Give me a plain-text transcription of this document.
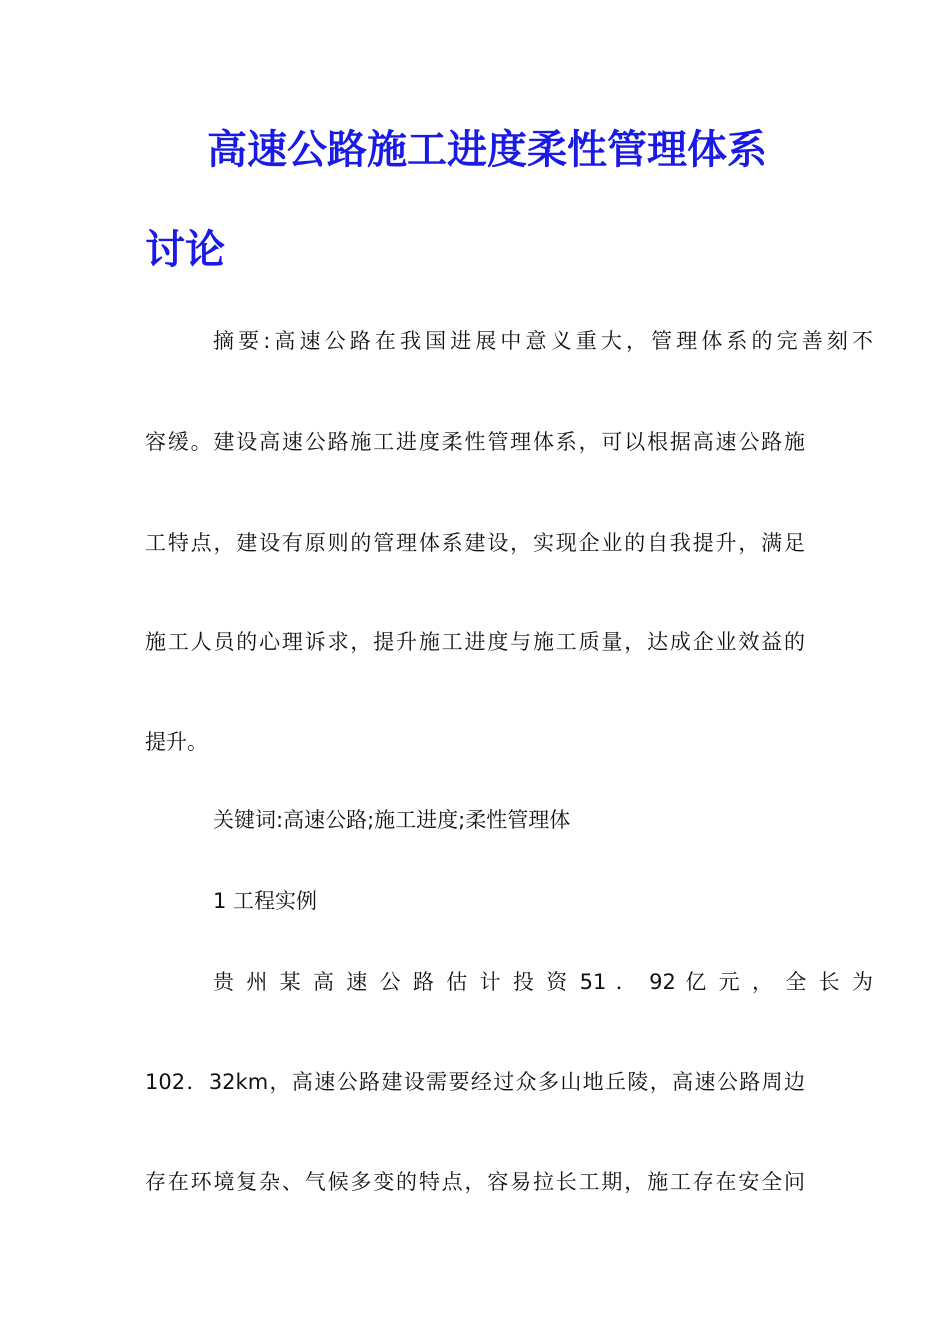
高速公路施工进度柔性管理体系
讨论

摘要:高速公路在我国进展中意义重大，管理体系的完善刻不

容缓。建设高速公路施工进度柔性管理体系，可以根据高速公路施

工特点，建设有原则的管理体系建设，实现企业的自我提升，满足

施工人员的心理诉求，提升施工进度与施工质量，达成企业效益的

提升。

关键词:高速公路;施工进度;柔性管理体

1 工程实例

贵 州 某 高 速 公 路 估 计 投 资 51 ． 92 亿 元 ， 全 长 为

102．32km，高速公路建设需要经过众多山地丘陵，高速公路周边

存在环境复杂、气候多变的特点，容易拉长工期，施工存在安全问
